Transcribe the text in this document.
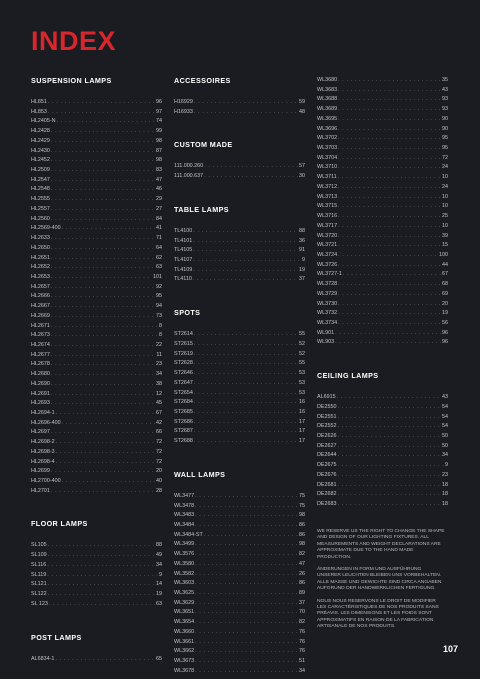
INDEX
SUSPENSION LAMPS
HL851 . . .	96
HL853 . . .	97
HL2405-N . . .	74
HL2428 . . .	99
HL2429 . . .	98
HL2430 . . .	87
HL2452 . . .	98
HL2509 . . .	83
HL2547 . . .	47
HL2548 . . .	46
HL2555 . . .	29
HL2557 . . .	27
HL2560 . . .	84
HL2569-400 . . .	41
HL2633 . . .	71
HL2650 . . .	64
HL2651 . . .	62
HL2652 . . .	63
HL2653 . . .	101
HL2657 . . .	92
HL2666 . . .	95
HL2667 . . .	94
HL2669 . . .	73
HL2671 . . .	8
HL2673 . . .	8
HL2674 . . .	22
HL2677 . . .	11
HL2678 . . .	23
HL2680 . . .	34
HL2690 . . .	38
HL2691 . . .	12
HL2693 . . .	45
HL2694-1 . . .	67
HL2696-400 . . .	42
HL2697 . . .	66
HL2698-2 . . .	72
HL2698-3 . . .	72
HL2698-4 . . .	72
HL2699 . . .	20
HL2700-400 . . .	40
HL2701 . . .	28
FLOOR LAMPS
SL105 . . .	88
SL109 . . .	49
SL116 . . .	34
SL119 . . .	9
SL121 . . .	14
SL122 . . .	19
SL 123 . . .	63
POST LAMPS
AL6834-1 . . .	65
ACCESSOIRES
H16929 . . .	59
H16933 . . .	48
CUSTOM MADE
111.000.260 . . .	57
111.000.637 . . .	30
TABLE LAMPS
TL4100 . . .	88
TL4101 . . .	36
TL4105 . . .	91
TL4107 . . .	9
TL4109 . . .	19
TL4110 . . .	37
SPOTS
ST2614 . . .	55
ST2615 . . .	52
ST2619 . . .	52
ST2628 . . .	55
ST2646 . . .	53
ST2647 . . .	53
ST2654 . . .	53
ST2684 . . .	16
ST2685 . . .	16
ST2686 . . .	17
ST2687 . . .	17
ST2688 . . .	17
WALL LAMPS
WL3477 . . .	75
WL3478 . . .	75
WL3483 . . .	98
WL3484 . . .	86
WL3484-ST . . .	86
WL3499 . . .	98
WL3576 . . .	82
WL3580 . . .	47
WL3582 . . .	26
WL3603 . . .	86
WL3625 . . .	89
WL3629 . . .	37
WL3651 . . .	70
WL3654 . . .	82
WL3660 . . .	76
WL3661 . . .	76
WL3662 . . .	76
WL3673 . . .	51
WL3678 . . .	34
WL3680 . . .	35
WL3683 . . .	43
WL3688 . . .	93
WL3689 . . .	93
WL3695 . . .	90
WL3696 . . .	90
WL3702 . . .	95
WL3703 . . .	95
WL3704 . . .	72
WL3710 . . .	24
WL3711 . . .	10
WL3712 . . .	24
WL3713 . . .	10
WL3715 . . .	10
WL3716 . . .	25
WL3717 . . .	10
WL3720 . . .	39
WL3721 . . .	15
WL3724 . . .	100
WL3726 . . .	44
WL3727-1 . . .	67
WL3728 . . .	68
WL3729 . . .	69
WL3730 . . .	20
WL3732 . . .	19
WL3734 . . .	56
WL901 . . .	96
WL903 . . .	96
CEILING LAMPS
AL6915 . . .	43
DE2550 . . .	54
DE2551 . . .	54
DE2552 . . .	54
DE2626 . . .	50
DE2627 . . .	50
DE2644 . . .	34
DE2675 . . .	9
DE2676 . . .	23
DE2681 . . .	18
DE2682 . . .	18
DE2683 . . .	18

WE RESERVE US THE RIGHT TO CHANGE THE SHAPE AND DESIGN OF OUR LIGHTING FIXTURES. ALL MEASUREMENTS AND WEIGHT DECLARATIONS ARE APPROXIMATE DUE TO THE HAND MADE PRODUCTION.

ÄNDERUNGEN IN FORM UND AUSFÜHRUNG UNSERER LEUCHTEN BLEIBEN UNS VORBEHALTEN. ALLE MASSE UND GEWICHTE SIND CIRCA ANGABEN AUFGRUND DER HANDWERKLICHEN FERTIGUNG.

NOUS NOUS RESERVONS LE DROIT DE MODIFIER LES CARACTÉRISTIQUES DE NOS PRODUITS SANS PRÉAVIS. LES DIMENSIONS ET LES POIDS SONT APPROXIMATIFS EN RAISON DE LA FABRICATION ARTISANALE DE NOS PRODUITS.

107
